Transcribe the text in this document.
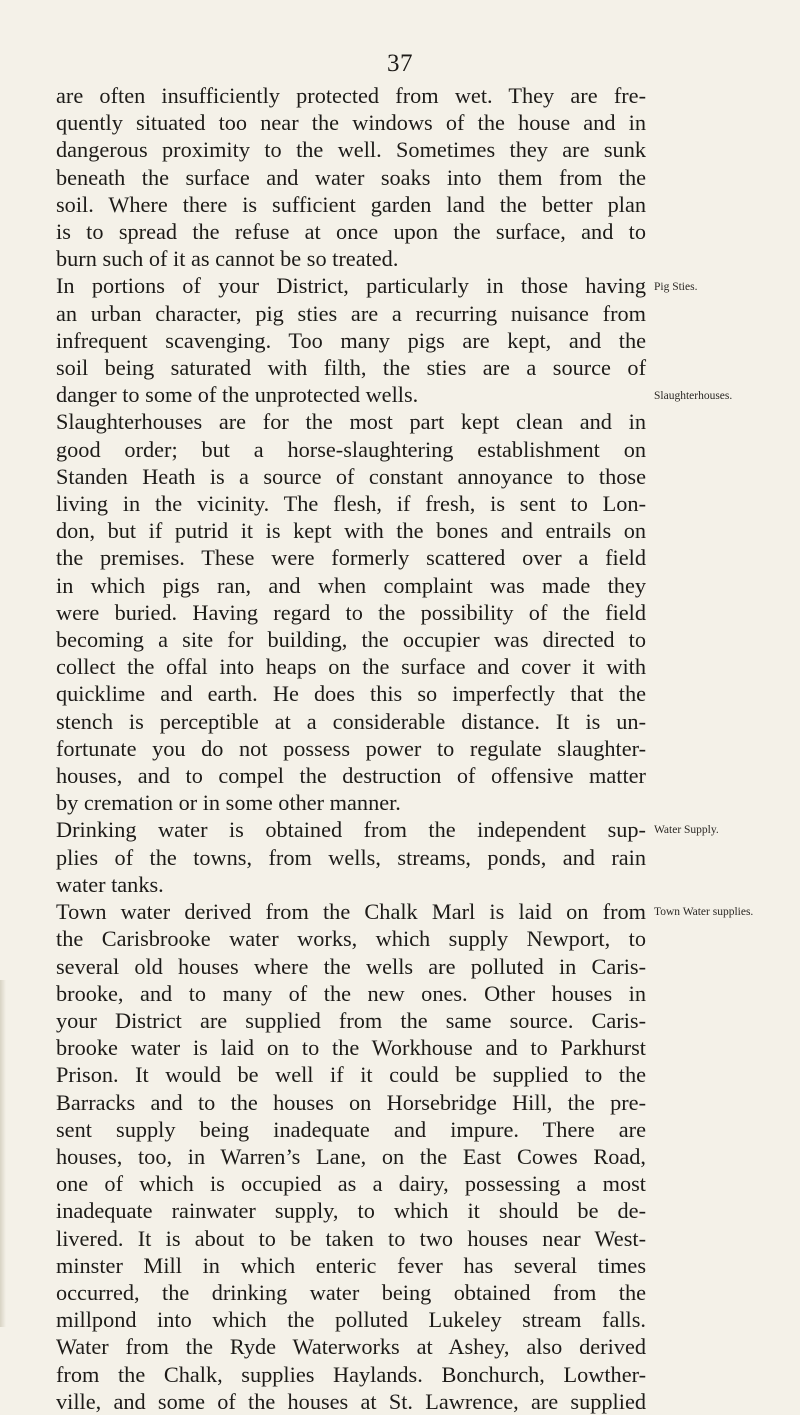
37
are often insufficiently protected from wet. They are fre-
quently situated too near the windows of the house and in
dangerous proximity to the well. Sometimes they are sunk
beneath the surface and water soaks into them from the
soil. Where there is sufficient garden land the better plan
is to spread the refuse at once upon the surface, and to
burn such of it as cannot be so treated.
In portions of your District, particularly in those having
an urban character, pig sties are a recurring nuisance from
infrequent scavenging. Too many pigs are kept, and the
soil being saturated with filth, the sties are a source of
danger to some of the unprotected wells.
Slaughterhouses are for the most part kept clean and in
good order; but a horse-slaughtering establishment on
Standen Heath is a source of constant annoyance to those
living in the vicinity. The flesh, if fresh, is sent to Lon-
don, but if putrid it is kept with the bones and entrails on
the premises. These were formerly scattered over a field
in which pigs ran, and when complaint was made they
were buried. Having regard to the possibility of the field
becoming a site for building, the occupier was directed to
collect the offal into heaps on the surface and cover it with
quicklime and earth. He does this so imperfectly that the
stench is perceptible at a considerable distance. It is un-
fortunate you do not possess power to regulate slaughter-
houses, and to compel the destruction of offensive matter
by cremation or in some other manner.
Drinking water is obtained from the independent sup-
plies of the towns, from wells, streams, ponds, and rain
water tanks.
Town water derived from the Chalk Marl is laid on from
the Carisbrooke water works, which supply Newport, to
several old houses where the wells are polluted in Caris-
brooke, and to many of the new ones. Other houses in
your District are supplied from the same source. Caris-
brooke water is laid on to the Workhouse and to Parkhurst
Prison. It would be well if it could be supplied to the
Barracks and to the houses on Horsebridge Hill, the pre-
sent supply being inadequate and impure. There are
houses, too, in Warren’s Lane, on the East Cowes Road,
one of which is occupied as a dairy, possessing a most
inadequate rainwater supply, to which it should be de-
livered. It is about to be taken to two houses near West-
minster Mill in which enteric fever has several times
occurred, the drinking water being obtained from the
millpond into which the polluted Lukeley stream falls.
Water from the Ryde Waterworks at Ashey, also derived
from the Chalk, supplies Haylands. Bonchurch, Lowther-
ville, and some of the houses at St. Lawrence, are supplied
Pig Sties.
Slaughterhouses.
Water Supply.
Town Water supplies.
